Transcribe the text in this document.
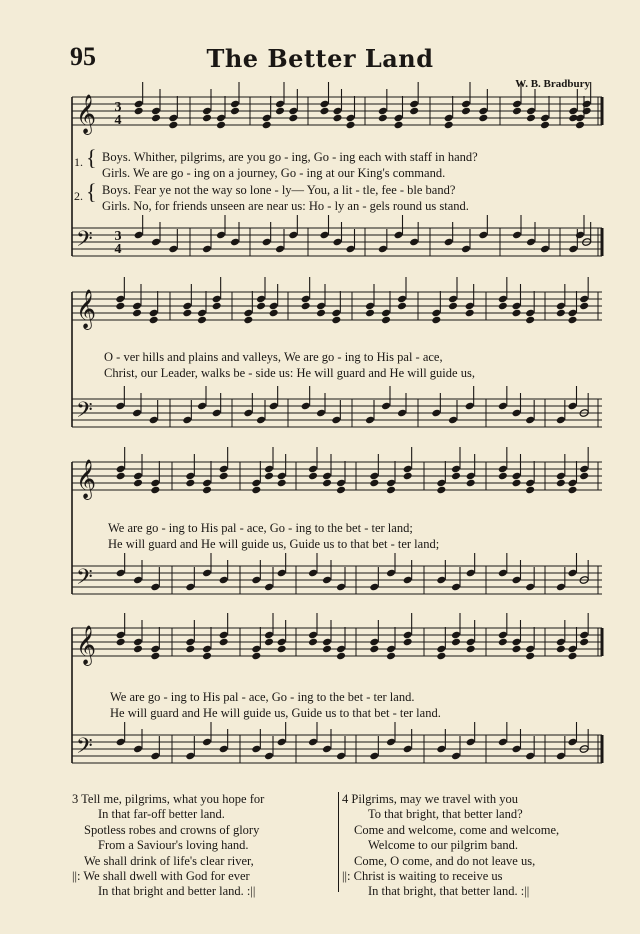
95	The Better Land
W. B. Bradbury
𝄞
𝄢
𝄞
𝄢
𝄞
𝄢
𝄞
𝄢
3
4
3
4
1.
2.
{
{
Boys. Whither, pilgrims, are you go - ing, Go - ing each with staff in hand?
Girls. We are go - ing on a journey, Go - ing at our King's command.
Boys. Fear ye not the way so lone - ly— You, a lit - tle, fee - ble band?
Girls. No, for friends unseen are near us: Ho - ly an - gels round us stand.
O - ver hills and plains and valleys, We are go - ing to His pal - ace,
Christ, our Leader, walks be - side us: He will guard and He will guide us,
We are go - ing to His pal - ace, Go - ing to the bet - ter land;
He will guard and He will guide us, Guide us to that bet - ter land;
We are go - ing to His pal - ace, Go - ing to the bet - ter land.
He will guard and He will guide us, Guide us to that bet - ter land.
3 Tell me, pilgrims, what you hope for
In that far-off better land.
Spotless robes and crowns of glory
From a Saviour's loving hand.
We shall drink of life's clear river,
||: We shall dwell with God for ever
In that bright and better land. :||
4 Pilgrims, may we travel with you
To that bright, that better land?
Come and welcome, come and welcome,
Welcome to our pilgrim band.
Come, O come, and do not leave us,
||: Christ is waiting to receive us
In that bright, that better land. :||
